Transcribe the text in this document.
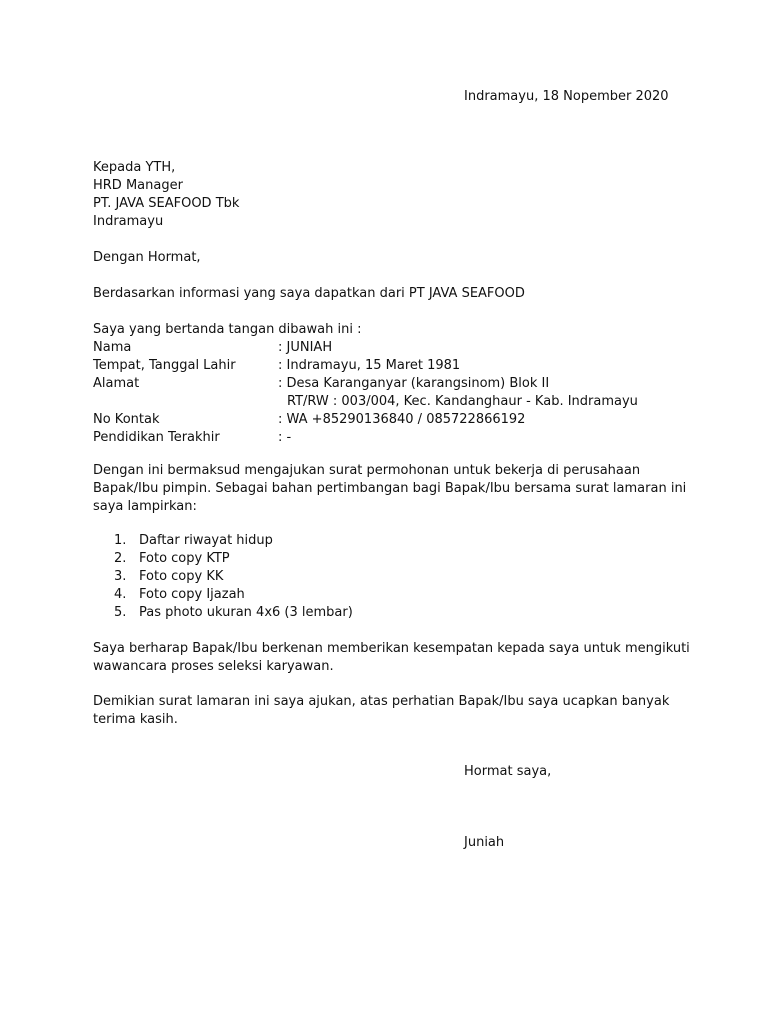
Indramayu, 18 Nopember 2020
Kepada YTH,
HRD Manager
PT. JAVA SEAFOOD Tbk
Indramayu
Dengan Hormat,
Berdasarkan informasi yang saya dapatkan dari PT JAVA SEAFOOD
Saya yang bertanda tangan dibawah ini :
Nama	: JUNIAH
Tempat, Tanggal Lahir	: Indramayu, 15 Maret 1981
Alamat	: Desa Karanganyar (karangsinom) Blok II
RT/RW : 003/004, Kec. Kandanghaur - Kab. Indramayu
No Kontak	: WA +85290136840 / 085722866192
Pendidikan Terakhir	: -
Dengan ini bermaksud mengajukan surat permohonan untuk bekerja di perusahaan
Bapak/Ibu pimpin. Sebagai bahan pertimbangan bagi Bapak/Ibu bersama surat lamaran ini
saya lampirkan:
1. Daftar riwayat hidup
2. Foto copy KTP
3. Foto copy KK
4. Foto copy Ijazah
5. Pas photo ukuran 4x6 (3 lembar)
Saya berharap Bapak/Ibu berkenan memberikan kesempatan kepada saya untuk mengikuti
wawancara proses seleksi karyawan.
Demikian surat lamaran ini saya ajukan, atas perhatian Bapak/Ibu saya ucapkan banyak
terima kasih.
Hormat saya,
Juniah
